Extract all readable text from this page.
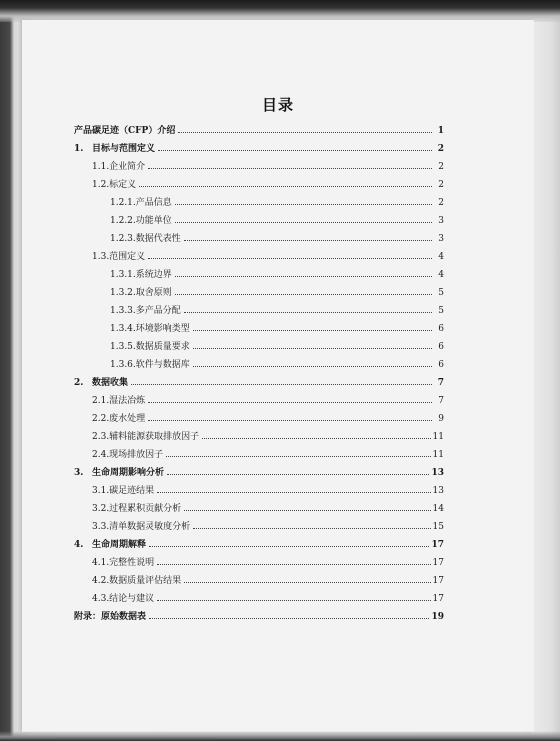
目录
产品碳足迹（CFP）介绍	1
1. 目标与范围定义	2
1.1.企业简介	2
1.2.标定义	2
1.2.1.产品信息	2
1.2.2.功能单位	3
1.2.3.数据代表性	3
1.3.范围定义	4
1.3.1.系统边界	4
1.3.2.取舍原则	5
1.3.3.多产品分配	5
1.3.4.环境影响类型	6
1.3.5.数据质量要求	6
1.3.6.软件与数据库	6
2. 数据收集	7
2.1.湿法冶炼	7
2.2.废水处理	9
2.3.辅料能源获取排放因子	11
2.4.现场排放因子	11
3. 生命周期影响分析	13
3.1.碳足迹结果	13
3.2.过程累积贡献分析	14
3.3.清单数据灵敏度分析	15
4. 生命周期解释	17
4.1.完整性说明	17
4.2.数据质量评估结果	17
4.3.结论与建议	17
附录：原始数据表	19
